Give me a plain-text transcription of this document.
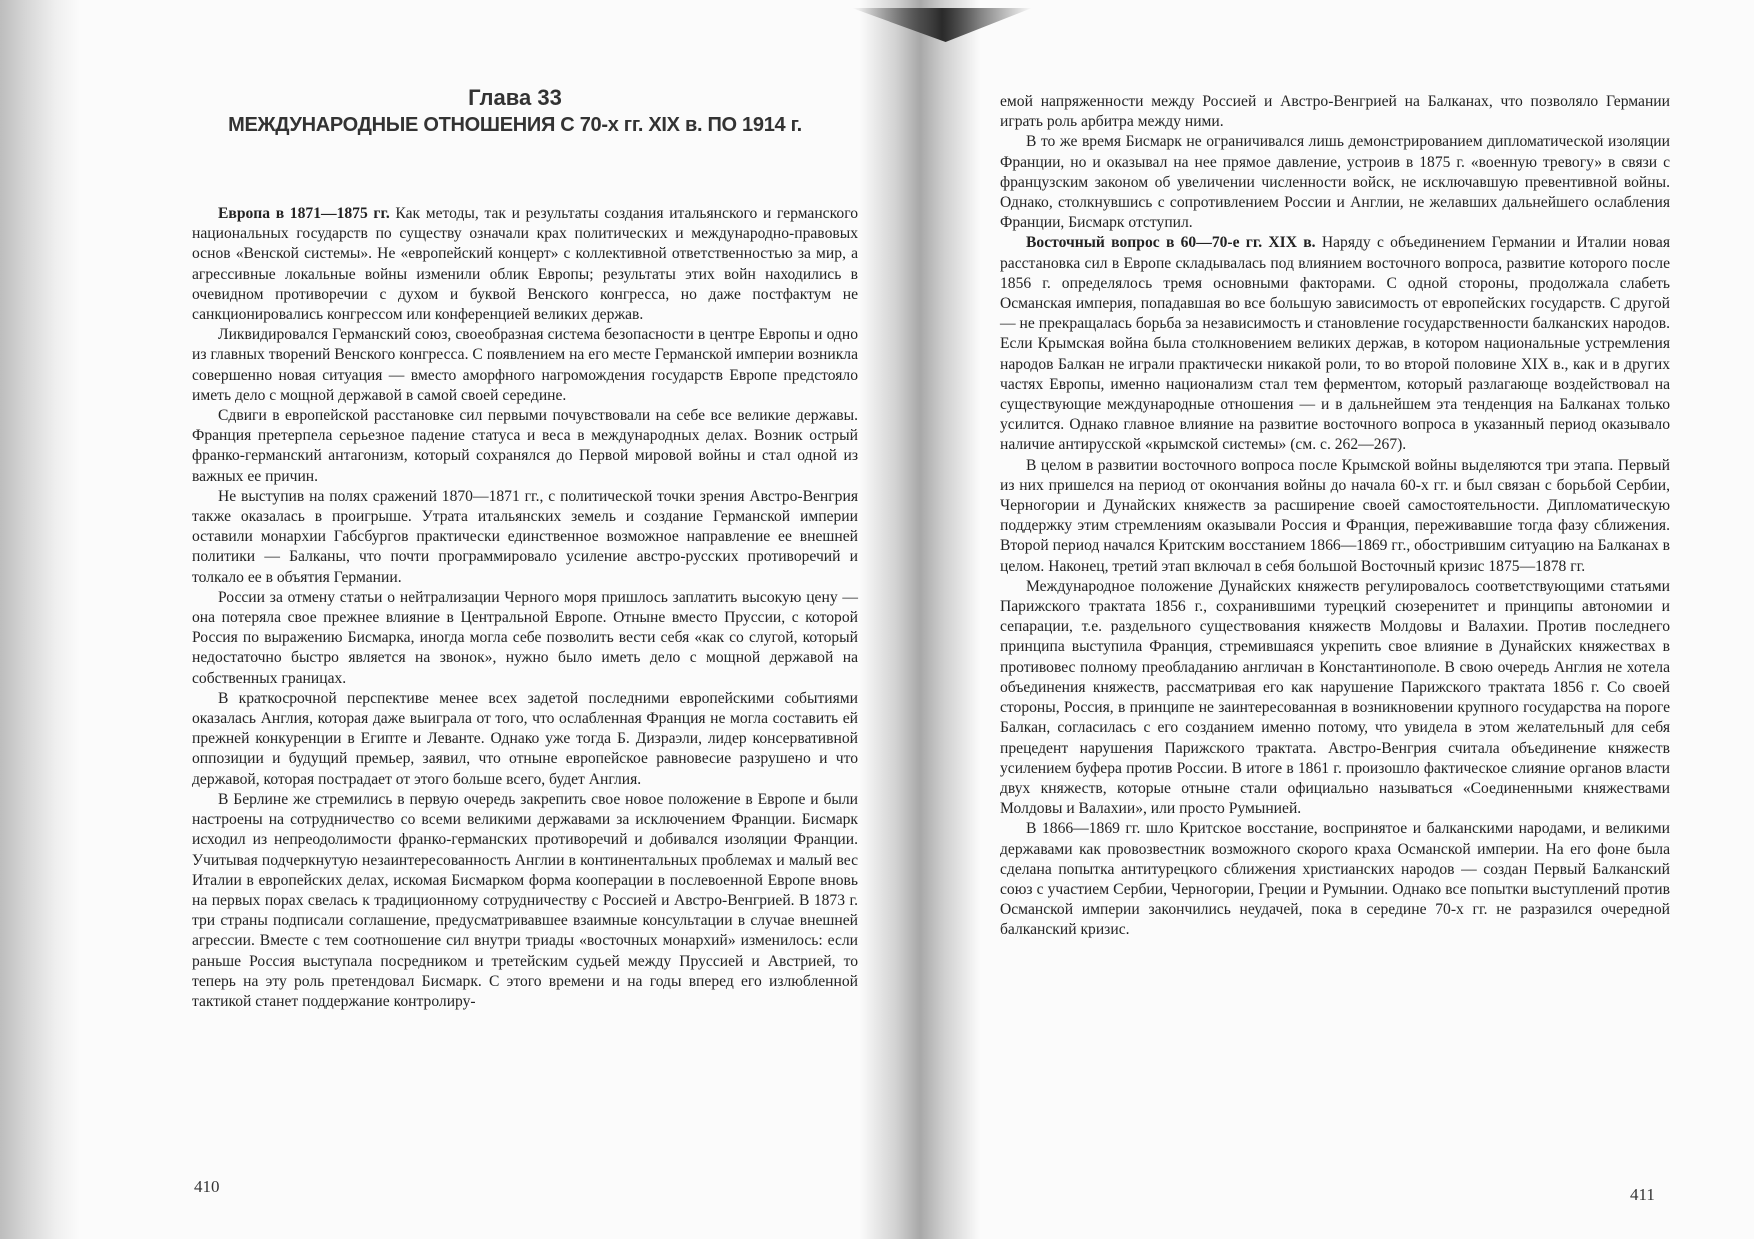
Глава 33
МЕЖДУНАРОДНЫЕ ОТНОШЕНИЯ С 70-х гг. XIX в. ПО 1914 г.

Европа в 1871—1875 гг. Как методы, так и результаты создания итальянского и германского национальных государств по существу означали крах политических и международно-правовых основ «Венской системы». Не «европейский концерт» с коллективной ответственностью за мир, а агрессивные локальные войны изменили облик Европы; результаты этих войн находились в очевидном противоречии с духом и буквой Венского конгресса, но даже постфактум не санкционировались конгрессом или конференцией великих держав.

Ликвидировался Германский союз, своеобразная система безопасности в центре Европы и одно из главных творений Венского конгресса. С появлением на его месте Германской империи возникла совершенно новая ситуация — вместо аморфного нагромождения государств Европе предстояло иметь дело с мощной державой в самой своей середине.

Сдвиги в европейской расстановке сил первыми почувствовали на себе все великие державы. Франция претерпела серьезное падение статуса и веса в международных делах. Возник острый франко-германский антагонизм, который сохранялся до Первой мировой войны и стал одной из важных ее причин.

Не выступив на полях сражений 1870—1871 гг., с политической точки зрения Австро-Венгрия также оказалась в проигрыше. Утрата итальянских земель и создание Германской империи оставили монархии Габсбургов практически единственное возможное направление ее внешней политики — Балканы, что почти программировало усиление австро-русских противоречий и толкало ее в объятия Германии.

России за отмену статьи о нейтрализации Черного моря пришлось заплатить высокую цену — она потеряла свое прежнее влияние в Центральной Европе. Отныне вместо Пруссии, с которой Россия по выражению Бисмарка, иногда могла себе позволить вести себя «как со слугой, который недостаточно быстро является на звонок», нужно было иметь дело с мощной державой на собственных границах.

В краткосрочной перспективе менее всех задетой последними европейскими событиями оказалась Англия, которая даже выиграла от того, что ослабленная Франция не могла составить ей прежней конкуренции в Египте и Леванте. Однако уже тогда Б. Дизраэли, лидер консервативной оппозиции и будущий премьер, заявил, что отныне европейское равновесие разрушено и что державой, которая пострадает от этого больше всего, будет Англия.

В Берлине же стремились в первую очередь закрепить свое новое положение в Европе и были настроены на сотрудничество со всеми великими державами за исключением Франции. Бисмарк исходил из непреодолимости франко-германских противоречий и добивался изоляции Франции. Учитывая подчеркнутую незаинтересованность Англии в континентальных проблемах и малый вес Италии в европейских делах, искомая Бисмарком форма кооперации в послевоенной Европе вновь на первых порах свелась к традиционному сотрудничеству с Россией и Австро-Венгрией. В 1873 г. три страны подписали соглашение, предусматривавшее взаимные консультации в случае внешней агрессии. Вместе с тем соотношение сил внутри триады «восточных монархий» изменилось: если раньше Россия выступала посредником и третейским судьей между Пруссией и Австрией, то теперь на эту роль претендовал Бисмарк. С этого времени и на годы вперед его излюбленной тактикой станет поддержание контролиру-

410

емой напряженности между Россией и Австро-Венгрией на Балканах, что позволяло Германии играть роль арбитра между ними.

В то же время Бисмарк не ограничивался лишь демонстрированием дипломатической изоляции Франции, но и оказывал на нее прямое давление, устроив в 1875 г. «военную тревогу» в связи с французским законом об увеличении численности войск, не исключавшую превентивной войны. Однако, столкнувшись с сопротивлением России и Англии, не желавших дальнейшего ослабления Франции, Бисмарк отступил.

Восточный вопрос в 60—70-е гг. XIX в. Наряду с объединением Германии и Италии новая расстановка сил в Европе складывалась под влиянием восточного вопроса, развитие которого после 1856 г. определялось тремя основными факторами. С одной стороны, продолжала слабеть Османская империя, попадавшая во все большую зависимость от европейских государств. С другой — не прекращалась борьба за независимость и становление государственности балканских народов. Если Крымская война была столкновением великих держав, в котором национальные устремления народов Балкан не играли практически никакой роли, то во второй половине XIX в., как и в других частях Европы, именно национализм стал тем ферментом, который разлагающе воздействовал на существующие международные отношения — и в дальнейшем эта тенденция на Балканах только усилится. Однако главное влияние на развитие восточного вопроса в указанный период оказывало наличие антирусской «крымской системы» (см. с. 262—267).

В целом в развитии восточного вопроса после Крымской войны выделяются три этапа. Первый из них пришелся на период от окончания войны до начала 60-х гг. и был связан с борьбой Сербии, Черногории и Дунайских княжеств за расширение своей самостоятельности. Дипломатическую поддержку этим стремлениям оказывали Россия и Франция, переживавшие тогда фазу сближения. Второй период начался Критским восстанием 1866—1869 гг., обострившим ситуацию на Балканах в целом. Наконец, третий этап включал в себя большой Восточный кризис 1875—1878 гг.

Международное положение Дунайских княжеств регулировалось соответствующими статьями Парижского трактата 1856 г., сохранившими турецкий сюзеренитет и принципы автономии и сепарации, т.е. раздельного существования княжеств Молдовы и Валахии. Против последнего принципа выступила Франция, стремившаяся укрепить свое влияние в Дунайских княжествах в противовес полному преобладанию англичан в Константинополе. В свою очередь Англия не хотела объединения княжеств, рассматривая его как нарушение Парижского трактата 1856 г. Со своей стороны, Россия, в принципе не заинтересованная в возникновении крупного государства на пороге Балкан, согласилась с его созданием именно потому, что увидела в этом желательный для себя прецедент нарушения Парижского трактата. Австро-Венгрия считала объединение княжеств усилением буфера против России. В итоге в 1861 г. произошло фактическое слияние органов власти двух княжеств, которые отныне стали официально называться «Соединенными княжествами Молдовы и Валахии», или просто Румынией.

В 1866—1869 гг. шло Критское восстание, воспринятое и балканскими народами, и великими державами как провозвестник возможного скорого краха Османской империи. На его фоне была сделана попытка антитурецкого сближения христианских народов — создан Первый Балканский союз с участием Сербии, Черногории, Греции и Румынии. Однако все попытки выступлений против Османской империи закончились неудачей, пока в середине 70-х гг. не разразился очередной балканский кризис.

411
